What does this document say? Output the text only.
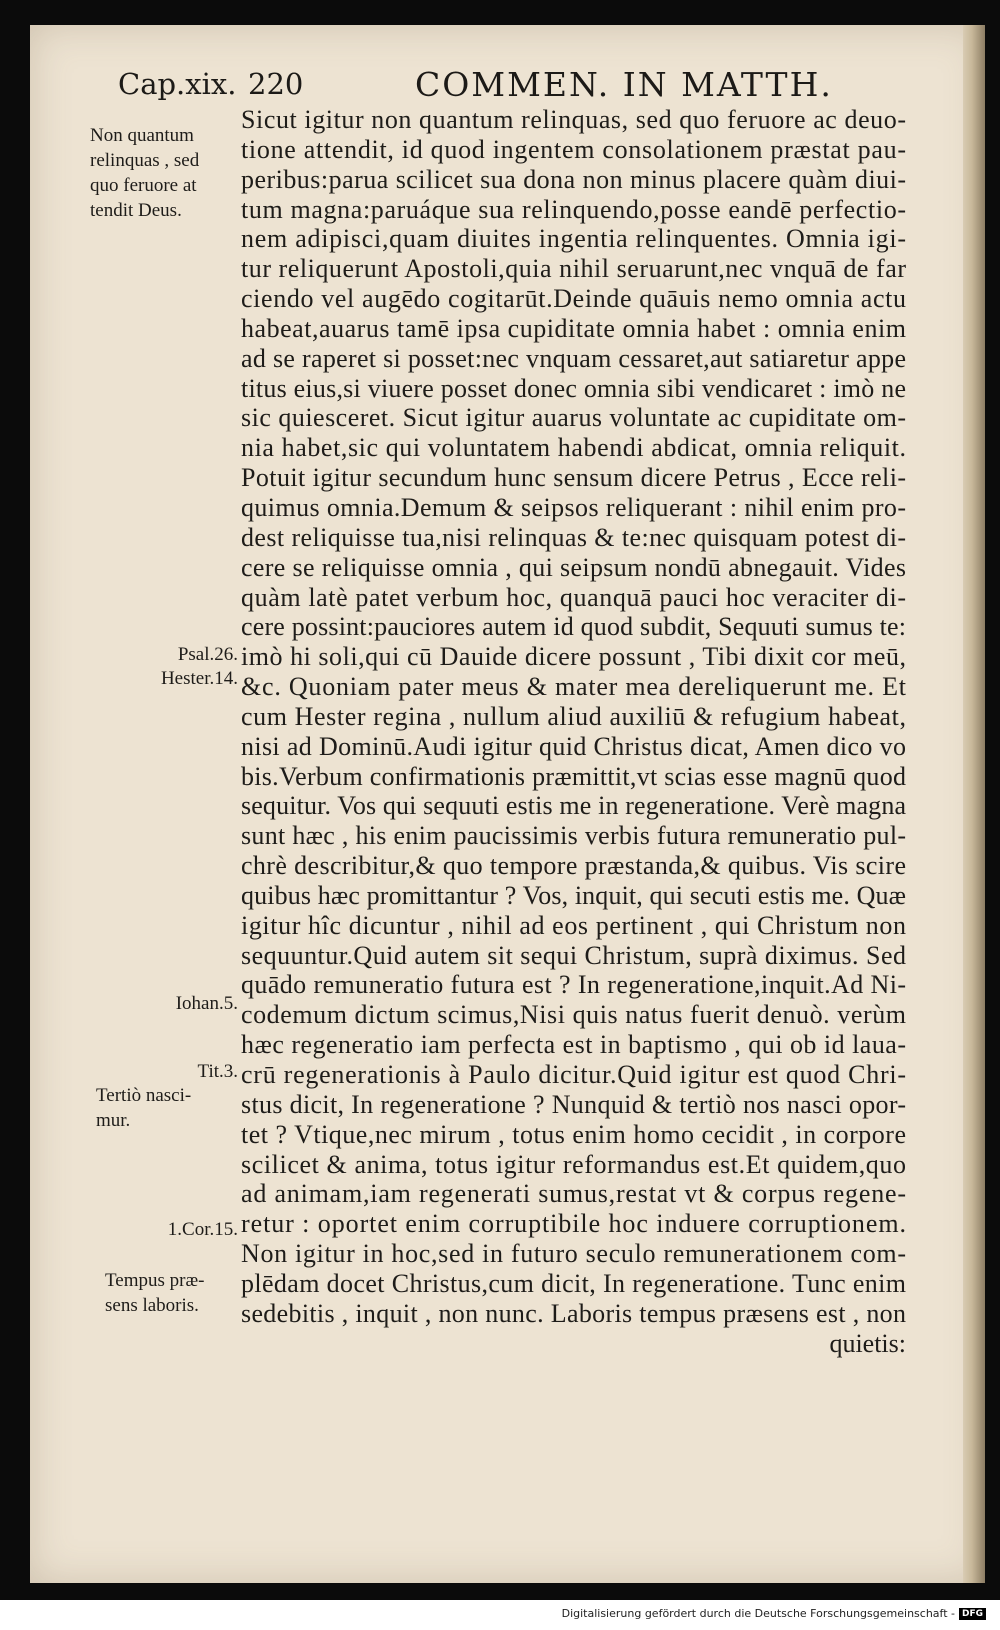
Cap.xix. 220	COMMEN. IN MATTH.
Non quantum
relinquas , sed
quo feruore at
tendit Deus.
Psal.26.
Hester.14.
Iohan.5.
Tit.3.
Tertiò nasci-
mur.
1.Cor.15.
Tempus præ-
sens laboris.
Sicut igitur non quantum relinquas, sed quo feruore ac deuo-
tione attendit, id quod ingentem consolationem præstat pau-
peribus:parua scilicet sua dona non minus placere quàm diui-
tum magna:paruáque sua relinquendo,posse eandē perfectio-
nem adipisci,quam diuites ingentia relinquentes. Omnia igi-
tur reliquerunt Apostoli,quia nihil seruarunt,nec vnquā de far
ciendo vel augēdo cogitarūt.Deinde quāuis nemo omnia actu
habeat,auarus tamē ipsa cupiditate omnia habet : omnia enim
ad se raperet si posset:nec vnquam cessaret,aut satiaretur appe
titus eius,si viuere posset donec omnia sibi vendicaret : imò ne
sic quiesceret. Sicut igitur auarus voluntate ac cupiditate om-
nia habet,sic qui voluntatem habendi abdicat, omnia reliquit.
Potuit igitur secundum hunc sensum dicere Petrus , Ecce reli-
quimus omnia.Demum & seipsos reliquerant : nihil enim pro-
dest reliquisse tua,nisi relinquas & te:nec quisquam potest di-
cere se reliquisse omnia , qui seipsum nondū abnegauit. Vides
quàm latè patet verbum hoc, quanquā pauci hoc veraciter di-
cere possint:pauciores autem id quod subdit, Sequuti sumus te:
imò hi soli,qui cū Dauide dicere possunt , Tibi dixit cor meū,
&c. Quoniam pater meus & mater mea dereliquerunt me. Et
cum Hester regina , nullum aliud auxiliū & refugium habeat,
nisi ad Dominū.Audi igitur quid Christus dicat, Amen dico vo
bis.Verbum confirmationis præmittit,vt scias esse magnū quod
sequitur. Vos qui sequuti estis me in regeneratione. Verè magna
sunt hæc , his enim paucissimis verbis futura remuneratio pul-
chrè describitur,& quo tempore præstanda,& quibus. Vis scire
quibus hæc promittantur ? Vos, inquit, qui secuti estis me. Quæ
igitur hîc dicuntur , nihil ad eos pertinent , qui Christum non
sequuntur.Quid autem sit sequi Christum, suprà diximus. Sed
quādo remuneratio futura est ? In regeneratione,inquit.Ad Ni-
codemum dictum scimus,Nisi quis natus fuerit denuò. verùm
hæc regeneratio iam perfecta est in baptismo , qui ob id laua-
crū regenerationis à Paulo dicitur.Quid igitur est quod Chri-
stus dicit, In regeneratione ? Nunquid & tertiò nos nasci opor-
tet ? Vtique,nec mirum , totus enim homo cecidit , in corpore
scilicet & anima, totus igitur reformandus est.Et quidem,quo
ad animam,iam regenerati sumus,restat vt & corpus regene-
retur : oportet enim corruptibile hoc induere corruptionem.
Non igitur in hoc,sed in futuro seculo remunerationem com-
plēdam docet Christus,cum dicit, In regeneratione. Tunc enim
sedebitis , inquit , non nunc. Laboris tempus præsens est , non
quietis:
Digitalisierung gefördert durch die Deutsche Forschungsgemeinschaft - DFG
